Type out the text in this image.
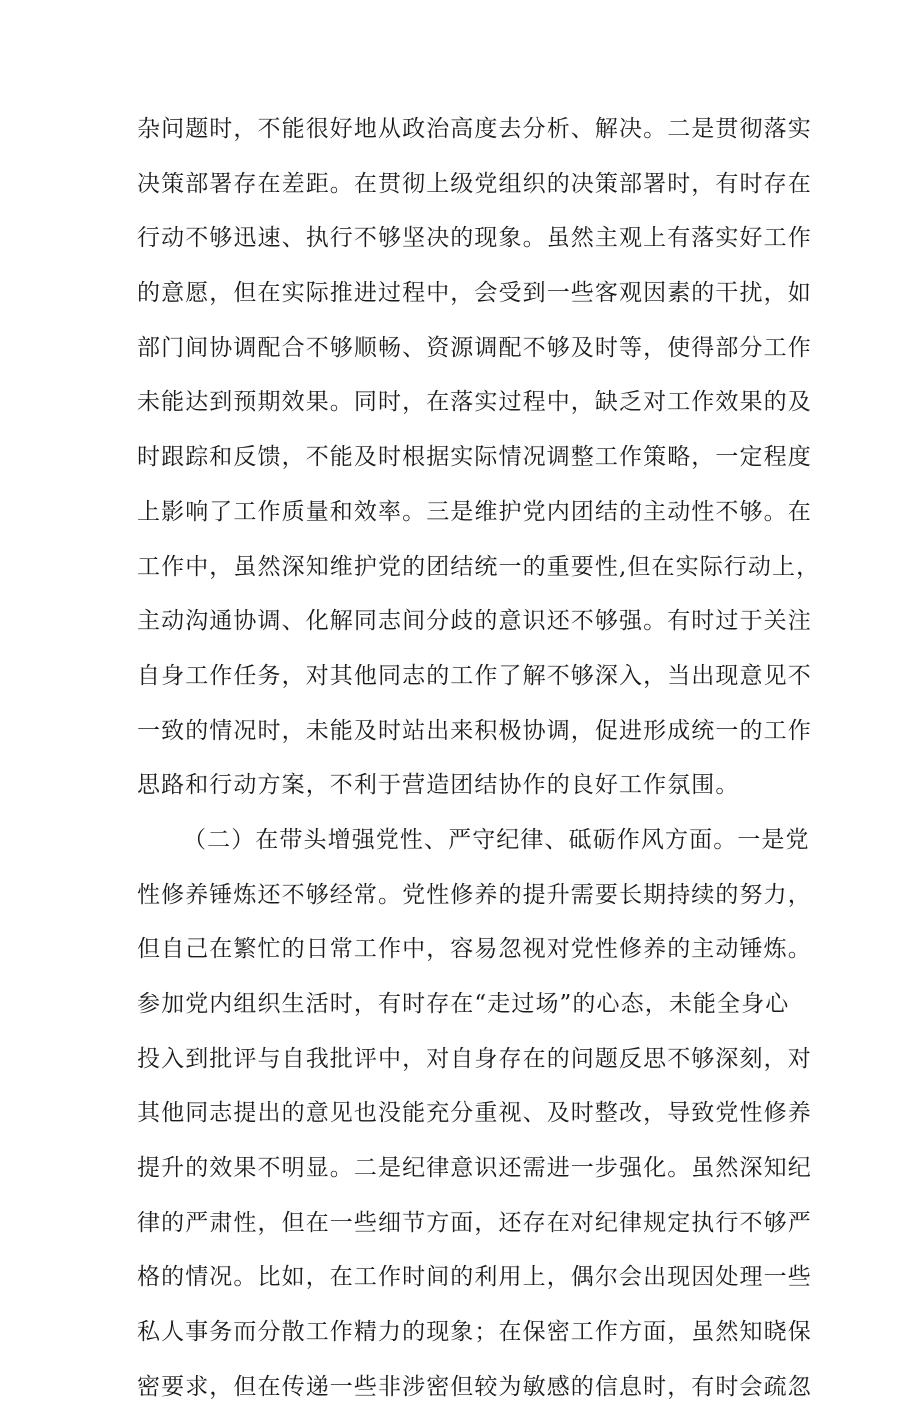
杂问题时，不能很好地从政治高度去分析、解决。二是贯彻落实
决策部署存在差距。在贯彻上级党组织的决策部署时，有时存在
行动不够迅速、执行不够坚决的现象。虽然主观上有落实好工作
的意愿，但在实际推进过程中，会受到一些客观因素的干扰，如
部门间协调配合不够顺畅、资源调配不够及时等，使得部分工作
未能达到预期效果。同时，在落实过程中，缺乏对工作效果的及
时跟踪和反馈，不能及时根据实际情况调整工作策略，一定程度
上影响了工作质量和效率。三是维护党内团结的主动性不够。在
工作中，虽然深知维护党的团结统一的重要性,但在实际行动上，
主动沟通协调、化解同志间分歧的意识还不够强。有时过于关注
自身工作任务，对其他同志的工作了解不够深入，当出现意见不
一致的情况时，未能及时站出来积极协调，促进形成统一的工作
思路和行动方案，不利于营造团结协作的良好工作氛围。
（二）在带头增强党性、严守纪律、砥砺作风方面。一是党
性修养锤炼还不够经常。党性修养的提升需要长期持续的努力，
但自己在繁忙的日常工作中，容易忽视对党性修养的主动锤炼。
参加党内组织生活时，有时存在“走过场”的心态，未能全身心
投入到批评与自我批评中，对自身存在的问题反思不够深刻，对
其他同志提出的意见也没能充分重视、及时整改，导致党性修养
提升的效果不明显。二是纪律意识还需进一步强化。虽然深知纪
律的严肃性，但在一些细节方面，还存在对纪律规定执行不够严
格的情况。比如，在工作时间的利用上，偶尔会出现因处理一些
私人事务而分散工作精力的现象；在保密工作方面，虽然知晓保
密要求，但在传递一些非涉密但较为敏感的信息时，有时会疏忽
